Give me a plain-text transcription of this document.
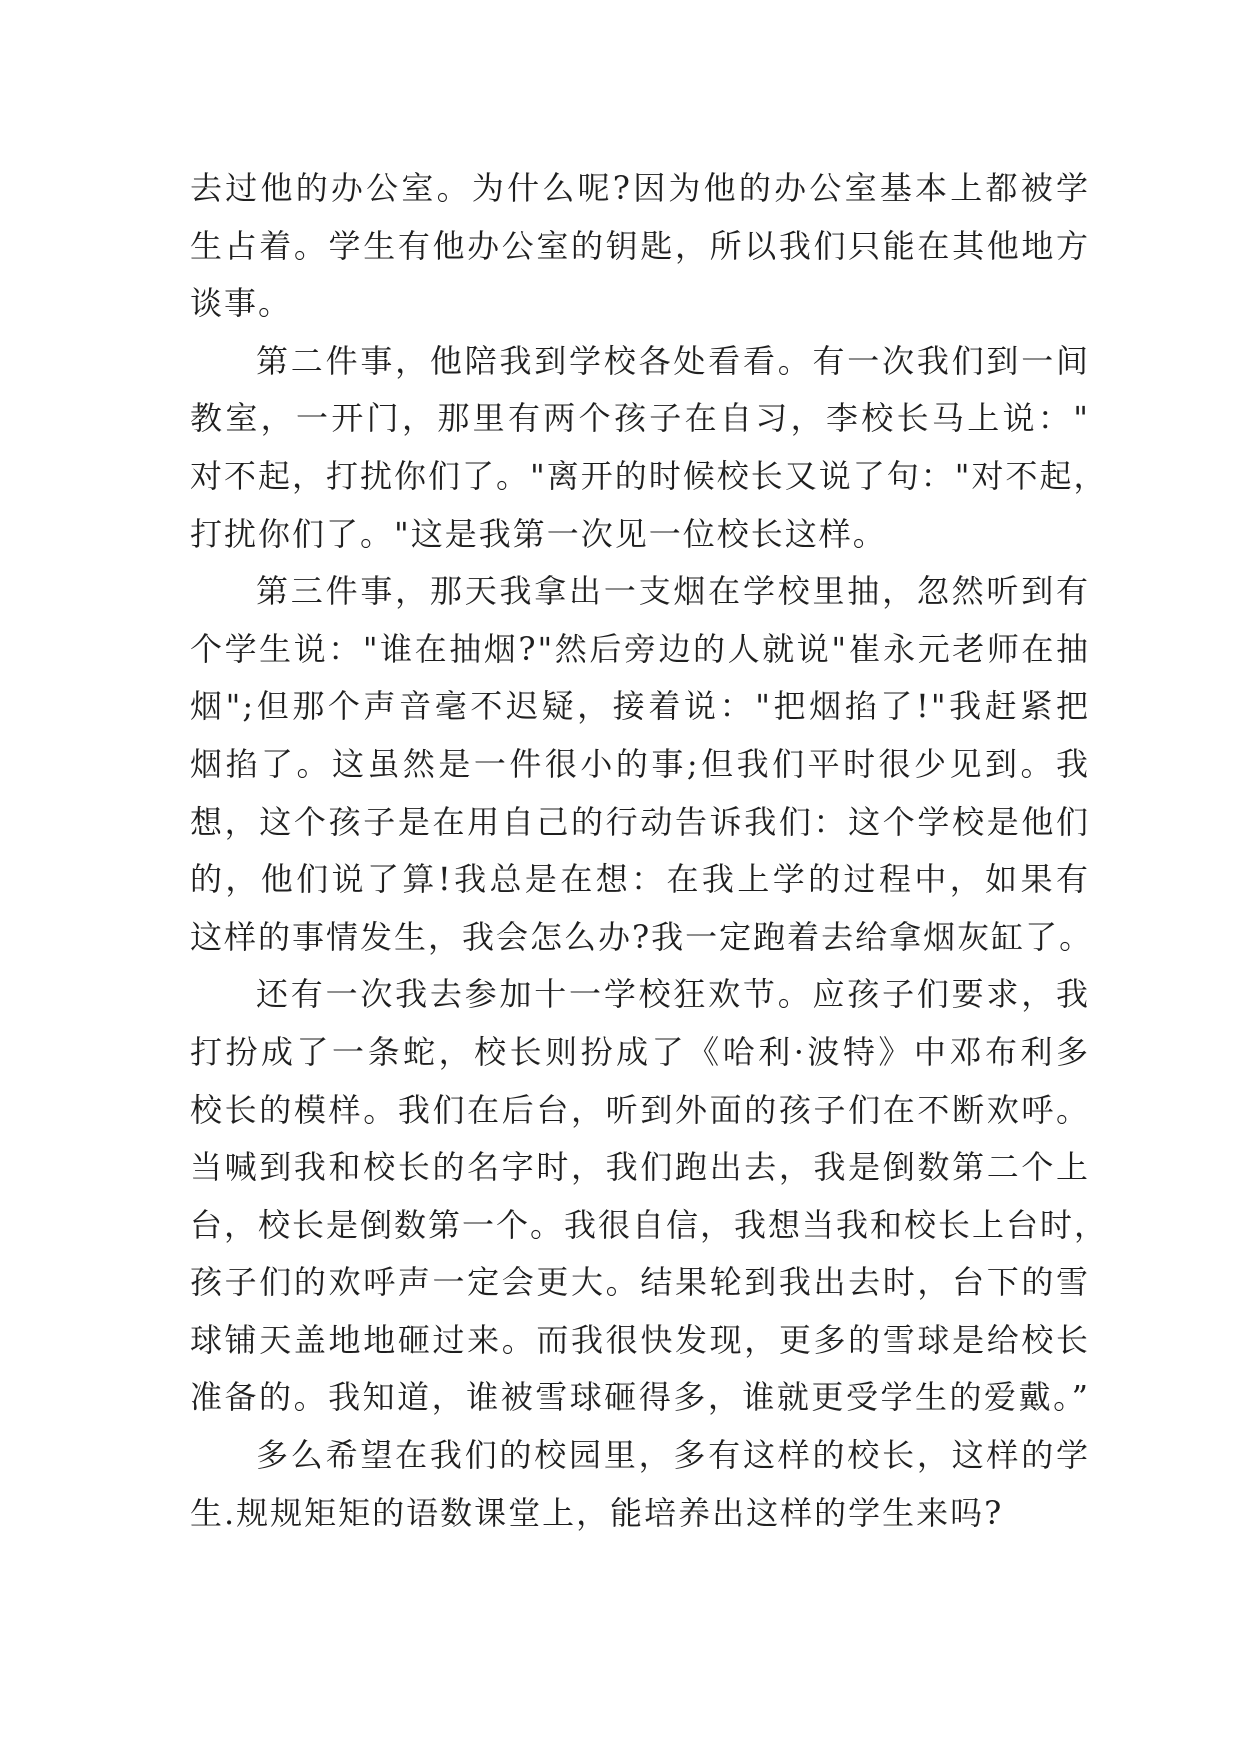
去过他的办公室。为什么呢?因为他的办公室基本上都被学
生占着。学生有他办公室的钥匙，所以我们只能在其他地方
谈事。
第二件事，他陪我到学校各处看看。有一次我们到一间
教室，一开门，那里有两个孩子在自习，李校长马上说："
对不起，打扰你们了。"离开的时候校长又说了句："对不起，
打扰你们了。"这是我第一次见一位校长这样。
第三件事，那天我拿出一支烟在学校里抽，忽然听到有
个学生说："谁在抽烟?"然后旁边的人就说"崔永元老师在抽
烟";但那个声音毫不迟疑，接着说："把烟掐了!"我赶紧把
烟掐了。这虽然是一件很小的事;但我们平时很少见到。我
想，这个孩子是在用自己的行动告诉我们：这个学校是他们
的，他们说了算!我总是在想：在我上学的过程中，如果有
这样的事情发生，我会怎么办?我一定跑着去给拿烟灰缸了。
还有一次我去参加十一学校狂欢节。应孩子们要求，我
打扮成了一条蛇，校长则扮成了《哈利·波特》中邓布利多
校长的模样。我们在后台，听到外面的孩子们在不断欢呼。
当喊到我和校长的名字时，我们跑出去，我是倒数第二个上
台，校长是倒数第一个。我很自信，我想当我和校长上台时，
孩子们的欢呼声一定会更大。结果轮到我出去时，台下的雪
球铺天盖地地砸过来。而我很快发现，更多的雪球是给校长
准备的。我知道，谁被雪球砸得多，谁就更受学生的爱戴。”
多么希望在我们的校园里，多有这样的校长，这样的学
生.规规矩矩的语数课堂上，能培养出这样的学生来吗?
